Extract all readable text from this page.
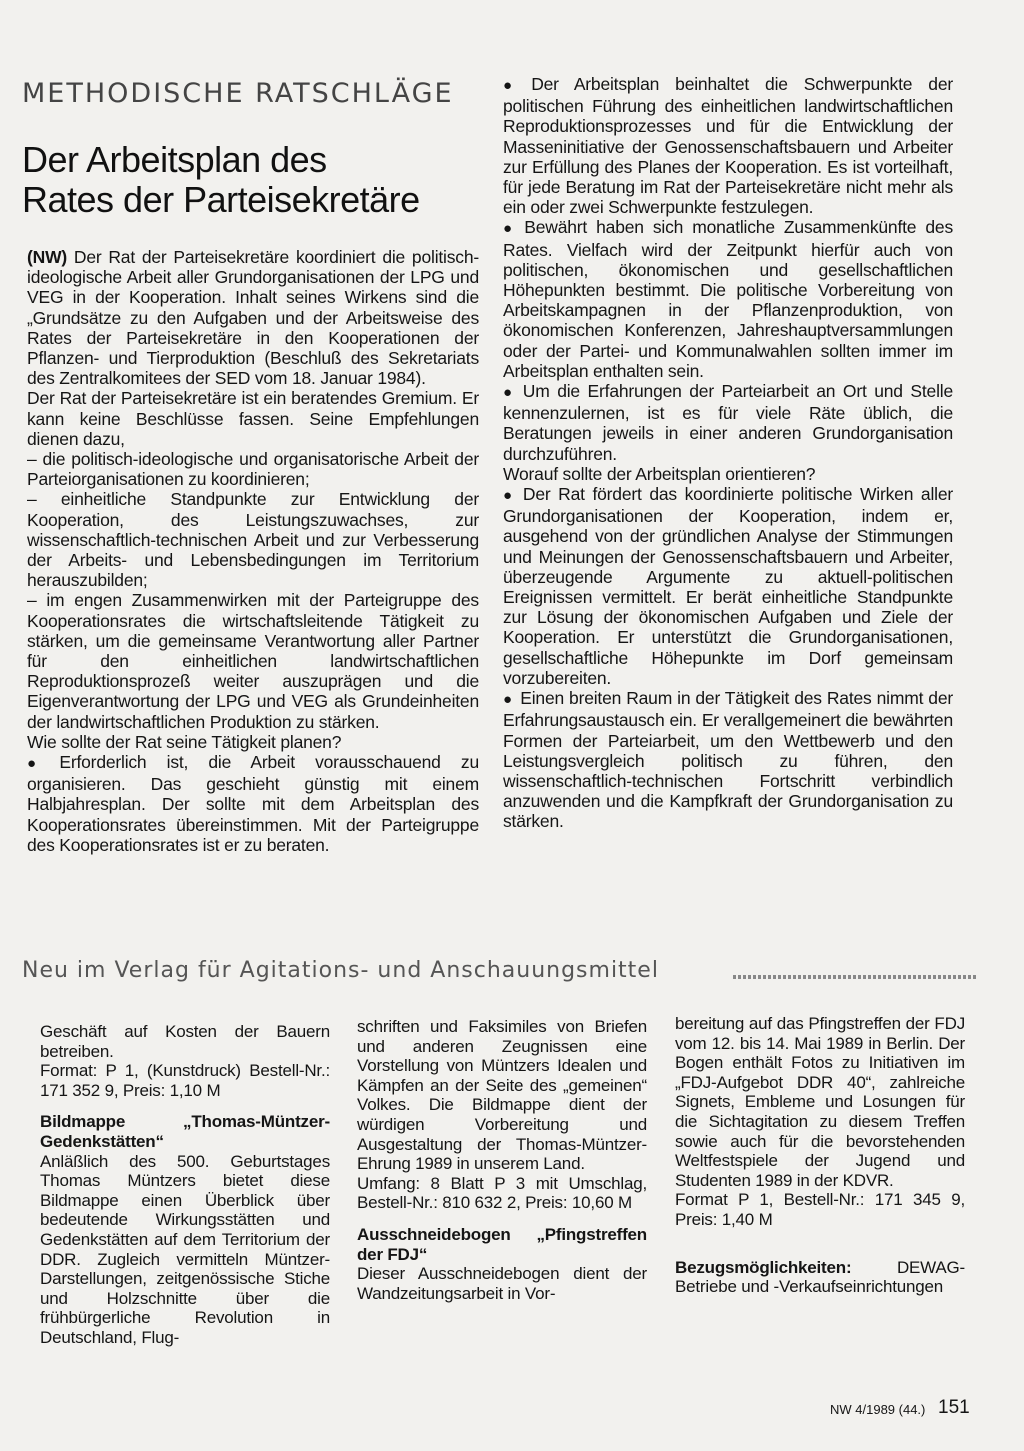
METHODISCHE RATSCHLÄGE
Der Arbeitsplan des
Rates der Parteisekretäre

(NW) Der Rat der Parteisekretäre koordiniert die politisch-ideologische Arbeit aller Grundorganisationen der LPG und VEG in der Kooperation. Inhalt seines Wirkens sind die „Grundsätze zu den Aufgaben und der Arbeitsweise des Rates der Parteisekretäre in den Kooperationen der Pflanzen- und Tierproduktion (Beschluß des Sekretariats des Zentralkomitees der SED vom 18. Januar 1984).

Der Rat der Parteisekretäre ist ein beratendes Gremium. Er kann keine Beschlüsse fassen. Seine Empfehlungen dienen dazu,

– die politisch-ideologische und organisatorische Arbeit der Parteiorganisationen zu koordinieren;

– einheitliche Standpunkte zur Entwicklung der Kooperation, des Leistungszuwachses, zur wissenschaftlich-technischen Arbeit und zur Verbesserung der Arbeits- und Lebensbedingungen im Territorium herauszubilden;

– im engen Zusammenwirken mit der Parteigruppe des Kooperationsrates die wirtschaftsleitende Tätigkeit zu stärken, um die gemeinsame Verantwortung aller Partner für den einheitlichen landwirtschaftlichen Reproduktionsprozeß weiter auszuprägen und die Eigenverantwortung der LPG und VEG als Grundeinheiten der landwirtschaftlichen Produktion zu stärken.

Wie sollte der Rat seine Tätigkeit planen?

● Erforderlich ist, die Arbeit vorausschauend zu organisieren. Das geschieht günstig mit einem Halbjahresplan. Der sollte mit dem Arbeitsplan des Kooperationsrates übereinstimmen. Mit der Parteigruppe des Kooperationsrates ist er zu beraten.

● Der Arbeitsplan beinhaltet die Schwerpunkte der politischen Führung des einheitlichen landwirtschaftlichen Reproduktionsprozesses und für die Entwicklung der Masseninitiative der Genossenschaftsbauern und Arbeiter zur Erfüllung des Planes der Kooperation. Es ist vorteilhaft, für jede Beratung im Rat der Parteisekretäre nicht mehr als ein oder zwei Schwerpunkte festzulegen.

● Bewährt haben sich monatliche Zusammenkünfte des Rates. Vielfach wird der Zeitpunkt hierfür auch von politischen, ökonomischen und gesellschaftlichen Höhepunkten bestimmt. Die politische Vorbereitung von Arbeitskampagnen in der Pflanzenproduktion, von ökonomischen Konferenzen, Jahreshauptversammlungen oder der Partei- und Kommunalwahlen sollten immer im Arbeitsplan enthalten sein.

● Um die Erfahrungen der Parteiarbeit an Ort und Stelle kennenzulernen, ist es für viele Räte üblich, die Beratungen jeweils in einer anderen Grundorganisation durchzuführen.

Worauf sollte der Arbeitsplan orientieren?

● Der Rat fördert das koordinierte politische Wirken aller Grundorganisationen der Kooperation, indem er, ausgehend von der gründlichen Analyse der Stimmungen und Meinungen der Genossenschaftsbauern und Arbeiter, überzeugende Argumente zu aktuell-politischen Ereignissen vermittelt. Er berät einheitliche Standpunkte zur Lösung der ökonomischen Aufgaben und Ziele der Kooperation. Er unterstützt die Grundorganisationen, gesellschaftliche Höhepunkte im Dorf gemeinsam vorzubereiten.

● Einen breiten Raum in der Tätigkeit des Rates nimmt der Erfahrungsaustausch ein. Er verallgemeinert die bewährten Formen der Parteiarbeit, um den Wettbewerb und den Leistungsvergleich politisch zu führen, den wissenschaftlich-technischen Fortschritt verbindlich anzuwenden und die Kampfkraft der Grundorganisation zu stärken.

Neu im Verlag für Agitations- und Anschauungsmittel

Geschäft auf Kosten der Bauern betreiben.

Format: P 1, (Kunstdruck) Bestell-Nr.: 171 352 9, Preis: 1,10 M

Bildmappe „Thomas-Müntzer-Gedenkstätten“

Anläßlich des 500. Geburtstages Thomas Müntzers bietet diese Bildmappe einen Überblick über bedeutende Wirkungsstätten und Gedenkstätten auf dem Territorium der DDR. Zugleich vermitteln Müntzer-Darstellungen, zeitgenössische Stiche und Holzschnitte über die frühbürgerliche Revolution in Deutschland, Flug-

schriften und Faksimiles von Briefen und anderen Zeugnissen eine Vorstellung von Müntzers Idealen und Kämpfen an der Seite des „gemeinen“ Volkes. Die Bildmappe dient der würdigen Vorbereitung und Ausgestaltung der Thomas-Müntzer-Ehrung 1989 in unserem Land.

Umfang: 8 Blatt P 3 mit Umschlag, Bestell-Nr.: 810 632 2, Preis: 10,60 M

Ausschneidebogen „Pfingstreffen der FDJ“

Dieser Ausschneidebogen dient der Wandzeitungsarbeit in Vor-

bereitung auf das Pfingstreffen der FDJ vom 12. bis 14. Mai 1989 in Berlin. Der Bogen enthält Fotos zu Initiativen im „FDJ-Aufgebot DDR 40“, zahlreiche Signets, Embleme und Losungen für die Sichtagitation zu diesem Treffen sowie auch für die bevorstehenden Weltfestspiele der Jugend und Studenten 1989 in der KDVR.

Format P 1, Bestell-Nr.: 171 345 9, Preis: 1,40 M

Bezugsmöglichkeiten: DEWAG-Betriebe und -Verkaufseinrichtungen

NW 4/1989 (44.) 151
